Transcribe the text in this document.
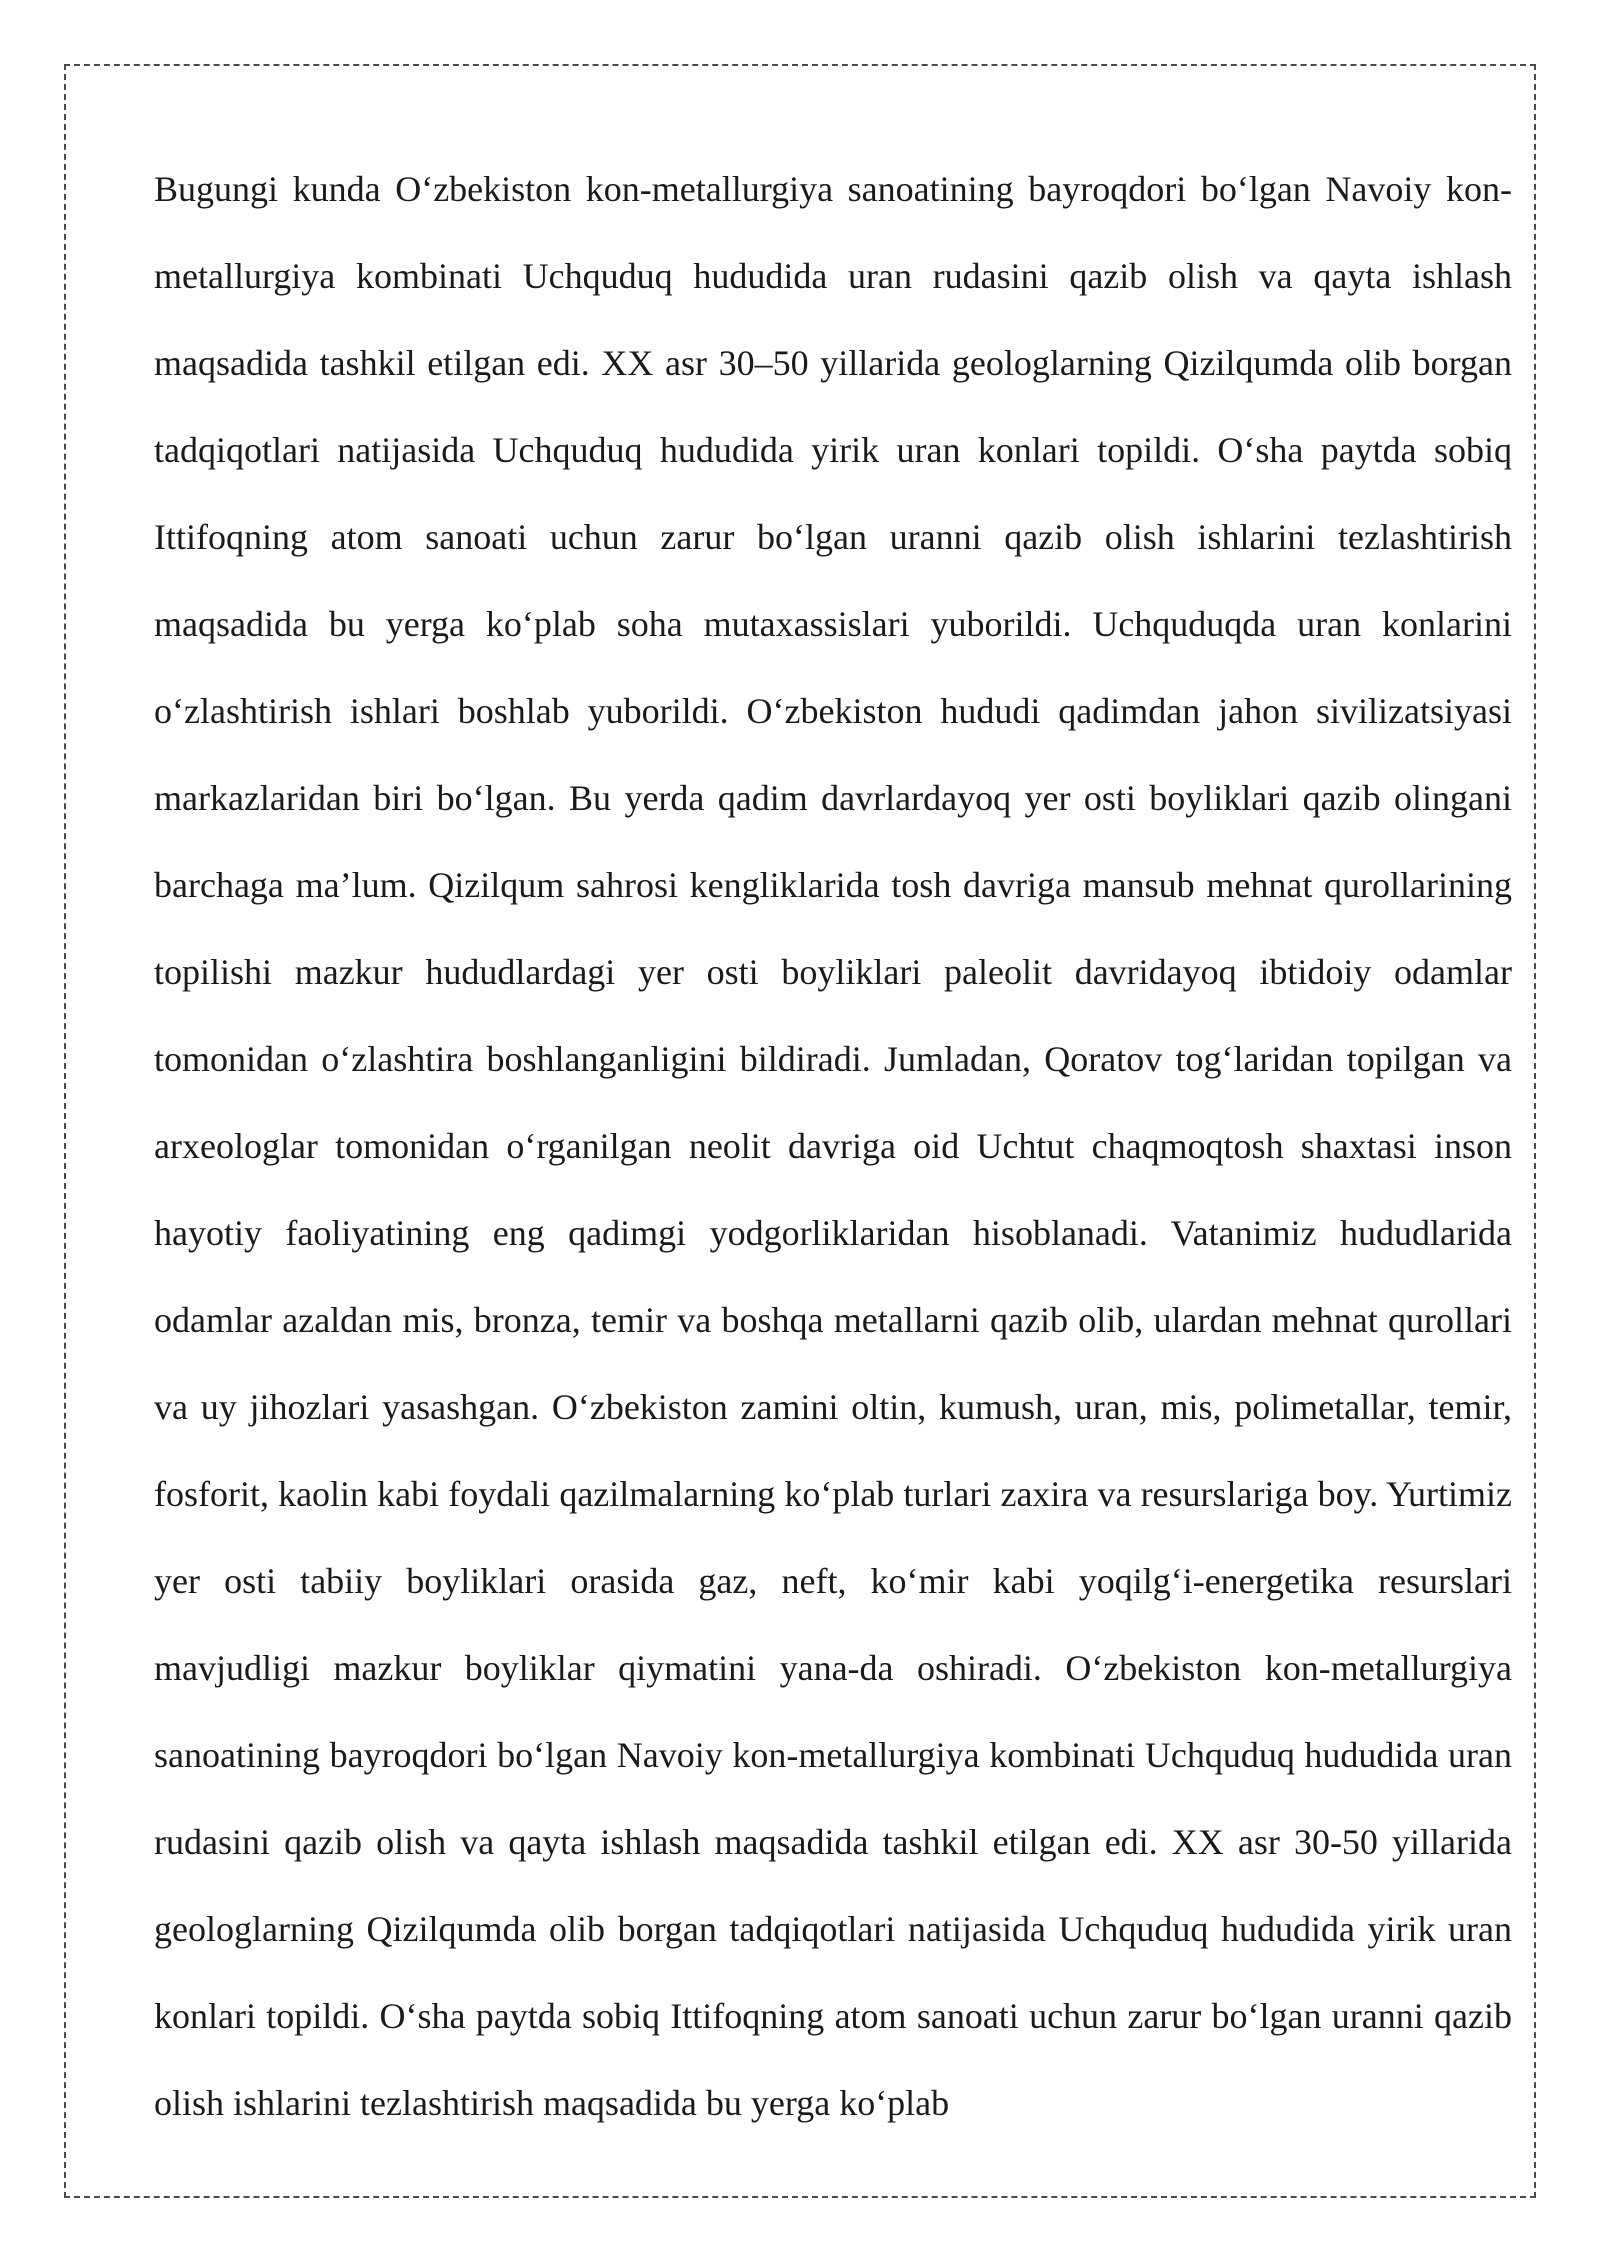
Bugungi kunda O‘zbekiston kon-metallurgiya sanoatining bayroqdori bo‘lgan Navoiy kon-metallurgiya kombinati Uchquduq hududida uran rudasini qazib olish va qayta ishlash maqsadida tashkil etilgan edi. XX asr 30–50 yillarida geologlarning Qizilqumda olib borgan tadqiqotlari natijasida Uchquduq hududida yirik uran konlari topildi. O‘sha paytda sobiq Ittifoqning atom sanoati uchun zarur bo‘lgan uranni qazib olish ishlarini tezlashtirish maqsadida bu yerga ko‘plab soha mutaxassislari yuborildi. Uchquduqda uran konlarini o‘zlashtirish ishlari boshlab yuborildi. O‘zbekiston hududi qadimdan jahon sivilizatsiyasi markazlaridan biri bo‘lgan. Bu yerda qadim davrlardayoq yer osti boyliklari qazib olingani barchaga ma’lum. Qizilqum sahrosi kengliklarida tosh davriga mansub mehnat qurollarining topilishi mazkur hududlardagi yer osti boyliklari paleolit davridayoq ibtidoiy odamlar tomonidan o‘zlashtira boshlanganligini bildiradi. Jumladan, Qoratov tog‘laridan topilgan va arxeologlar tomonidan o‘rganilgan neolit davriga oid Uchtut chaqmoqtosh shaxtasi inson hayotiy faoliyatining eng qadimgi yodgorliklaridan hisoblanadi. Vatanimiz hududlarida odamlar azaldan mis, bronza, temir va boshqa metallarni qazib olib, ulardan mehnat qurollari va uy jihozlari yasashgan. O‘zbekiston zamini oltin, kumush, uran, mis, polimetallar, temir, fosforit, kaolin kabi foydali qazilmalarning ko‘plab turlari zaxira va resurslariga boy. Yurtimiz yer osti tabiiy boyliklari orasida gaz, neft, ko‘mir kabi yoqilg‘i-energetika resurslari mavjudligi mazkur boyliklar qiymatini yana-da oshiradi. O‘zbekiston kon-metallurgiya sanoatining bayroqdori bo‘lgan Navoiy kon-metallurgiya kombinati Uchquduq hududida uran rudasini qazib olish va qayta ishlash maqsadida tashkil etilgan edi. XX asr 30-50 yillarida geologlarning Qizilqumda olib borgan tadqiqotlari natijasida Uchquduq hududida yirik uran konlari topildi. O‘sha paytda sobiq Ittifoqning atom sanoati uchun zarur bo‘lgan uranni qazib olish ishlarini tezlashtirish maqsadida bu yerga ko‘plab
